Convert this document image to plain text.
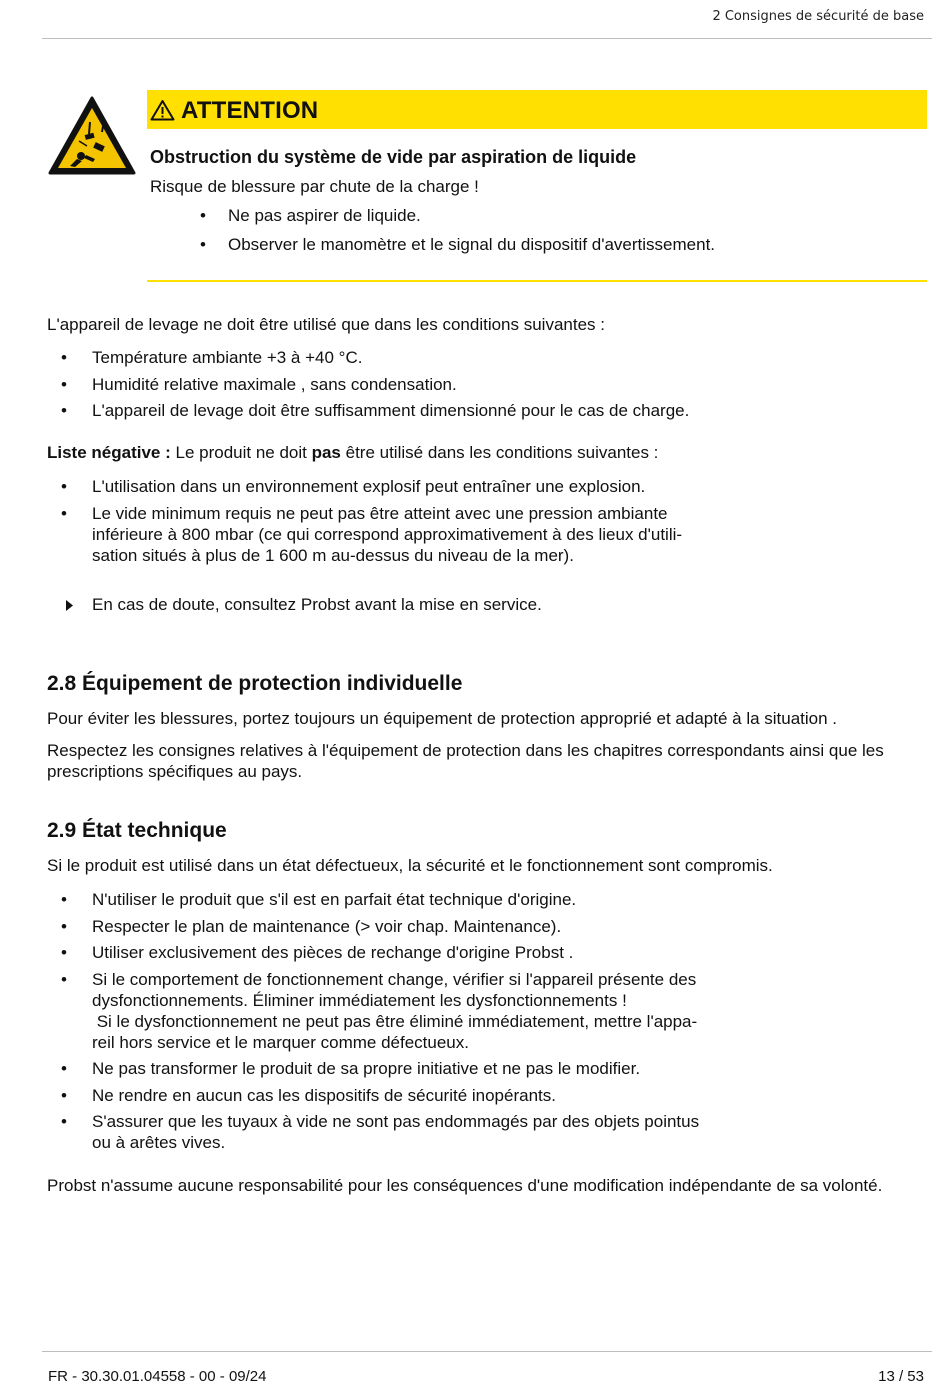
2 Consignes de sécurité de base
ATTENTION
Obstruction du système de vide par aspiration de liquide
Risque de blessure par chute de la charge !
• Ne pas aspirer de liquide.
• Observer le manomètre et le signal du dispositif d'avertissement.

L'appareil de levage ne doit être utilisé que dans les conditions suivantes :

• Température ambiante +3 à +40 °C.
• Humidité relative maximale , sans condensation.
• L'appareil de levage doit être suffisamment dimensionné pour le cas de charge.

Liste négative : Le produit ne doit pas être utilisé dans les conditions suivantes :

• L'utilisation dans un environnement explosif peut entraîner une explosion.
• Le vide minimum requis ne peut pas être atteint avec une pression ambiante
inférieure à 800 mbar (ce qui correspond approximativement à des lieux d'utili-
sation situés à plus de 1 600 m au-dessus du niveau de la mer).
En cas de doute, consultez Probst avant la mise en service.
2.8 Équipement de protection individuelle

Pour éviter les blessures, portez toujours un équipement de protection approprié et adapté à la situation .

Respectez les consignes relatives à l'équipement de protection dans les chapitres correspondants ainsi que les
prescriptions spécifiques au pays.

2.9 État technique

Si le produit est utilisé dans un état défectueux, la sécurité et le fonctionnement sont compromis.

• N'utiliser le produit que s'il est en parfait état technique d'origine.
• Respecter le plan de maintenance (> voir chap. Maintenance).
• Utiliser exclusivement des pièces de rechange d'origine Probst .
• Si le comportement de fonctionnement change, vérifier si l'appareil présente des
dysfonctionnements. Éliminer immédiatement les dysfonctionnements !
Si le dysfonctionnement ne peut pas être éliminé immédiatement, mettre l'appa-
reil hors service et le marquer comme défectueux.
• Ne pas transformer le produit de sa propre initiative et ne pas le modifier.
• Ne rendre en aucun cas les dispositifs de sécurité inopérants.
• S'assurer que les tuyaux à vide ne sont pas endommagés par des objets pointus
ou à arêtes vives.

Probst n'assume aucune responsabilité pour les conséquences d'une modification indépendante de sa volonté.

FR - 30.30.01.04558 - 00 - 09/24	13 / 53
